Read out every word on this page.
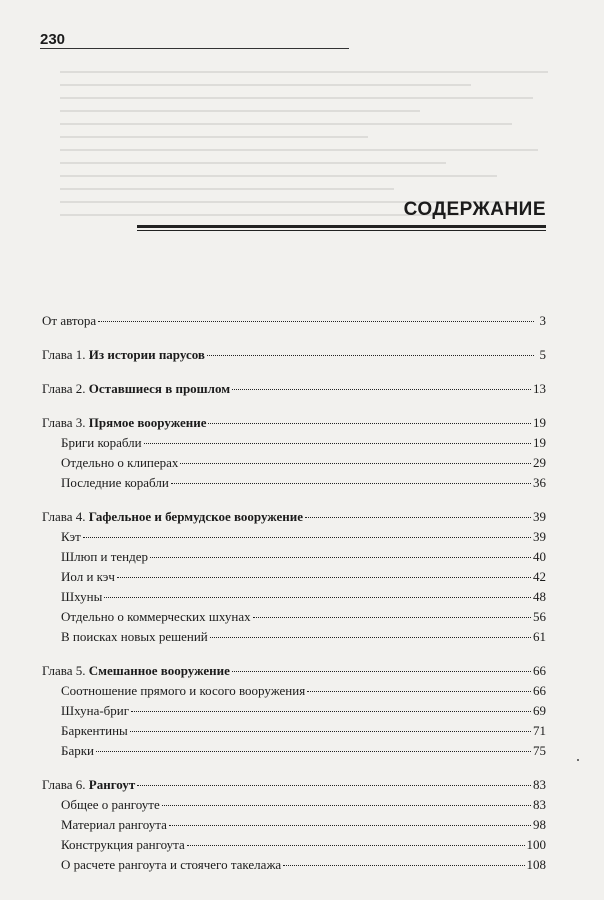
230
СОДЕРЖАНИЕ
От автора	3
Глава 1. Из истории парусов	5
Глава 2. Оставшиеся в прошлом	13
Глава 3. Прямое вооружение	19
Бриги корабли	19
Отдельно о клиперах	29
Последние корабли	36
Глава 4. Гафельное и бермудское вооружение	39
Кэт	39
Шлюп и тендер	40
Иол и кэч	42
Шхуны	48
Отдельно о коммерческих шхунах	56
В поисках новых решений	61
Глава 5. Смешанное вооружение	66
Соотношение прямого и косого вооружения	66
Шхуна-бриг	69
Баркентины	71
Барки	75
Глава 6. Рангоут	83
Общее о рангоуте	83
Материал рангоута	98
Конструкция рангоута	100
О расчете рангоута и стоячего такелажа	108
